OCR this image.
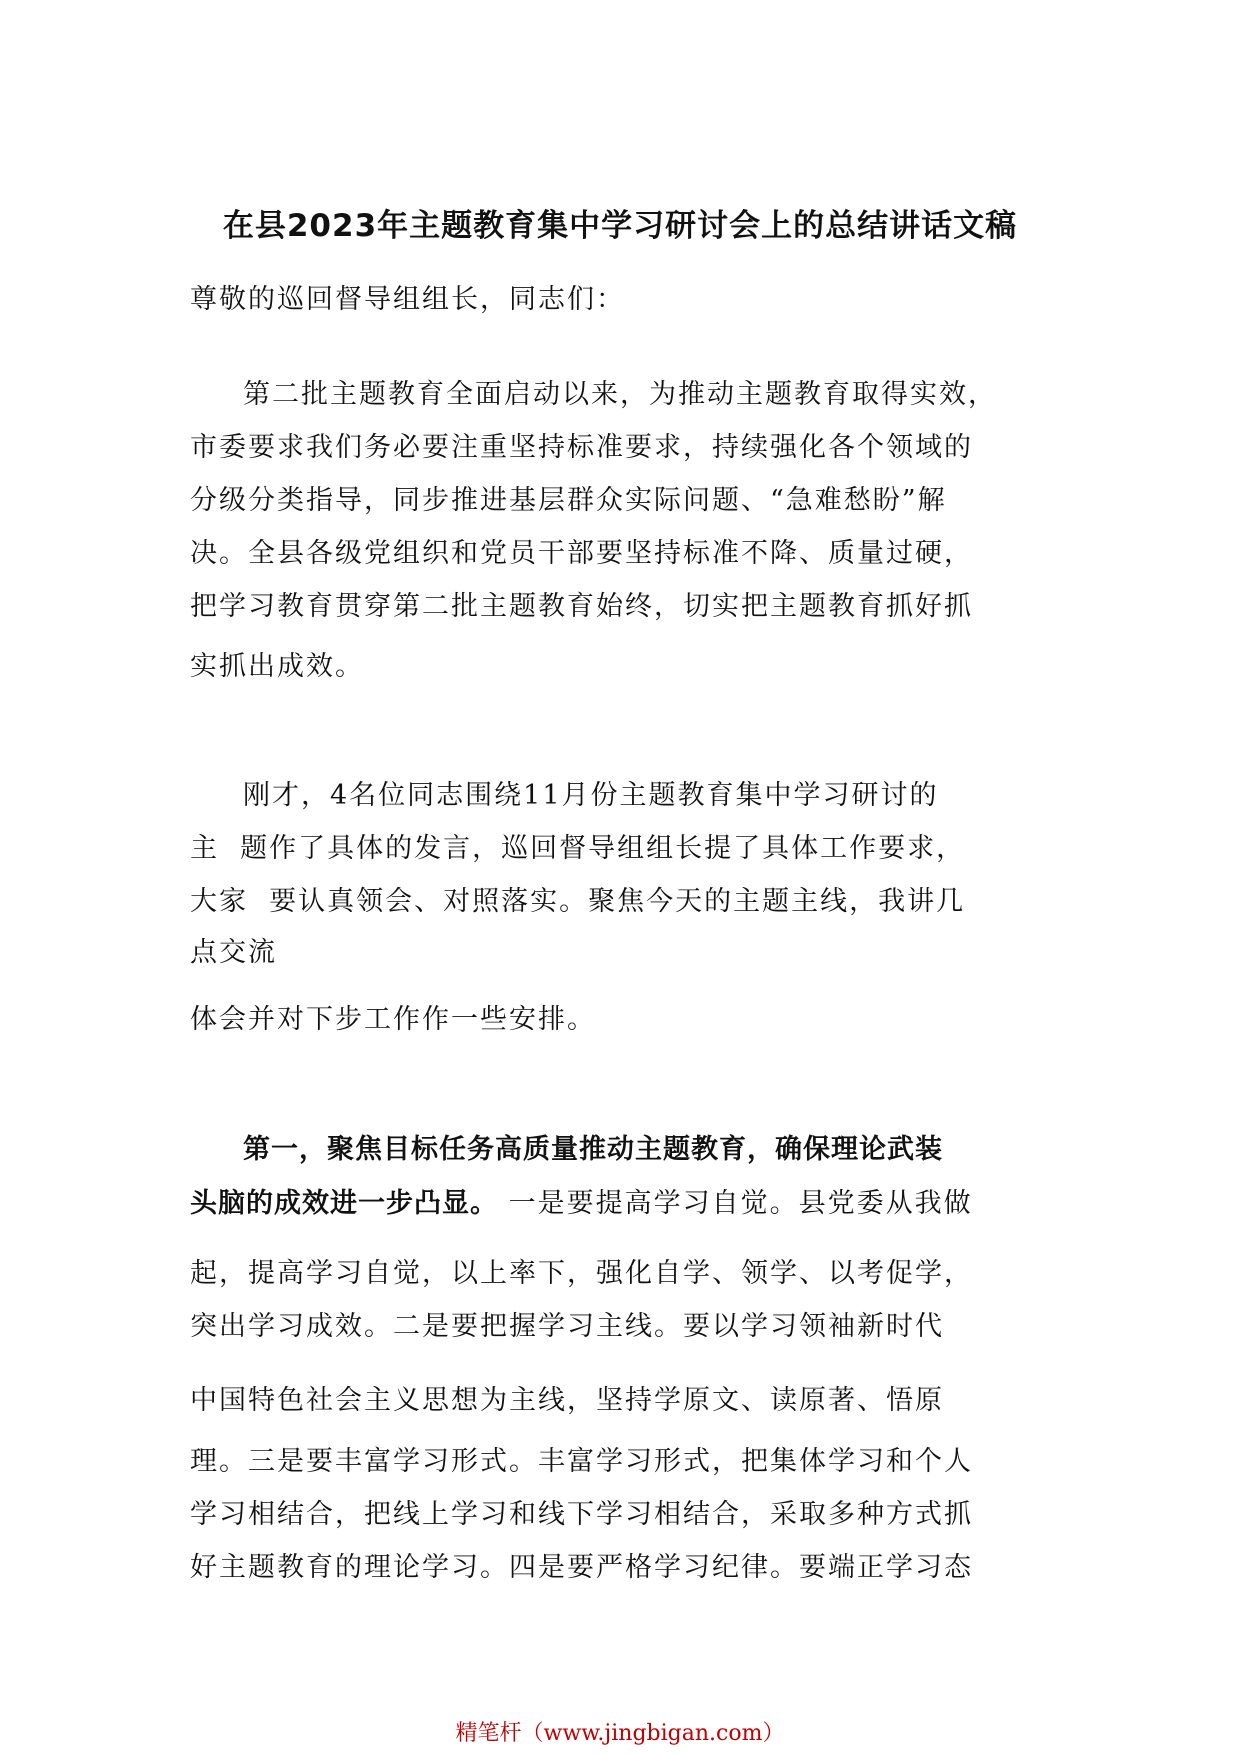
在县2023年主题教育集中学习研讨会上的总结讲话文稿
尊敬的巡回督导组组长，同志们：
第二批主题教育全面启动以来，为推动主题教育取得实效，
市委要求我们务必要注重坚持标准要求，持续强化各个领域的
分级分类指导，同步推进基层群众实际问题、“急难愁盼”解
决。全县各级党组织和党员干部要坚持标准不降、质量过硬，
把学习教育贯穿第二批主题教育始终，切实把主题教育抓好抓
实抓出成效。
刚才，4名位同志围绕11月份主题教育集中学习研讨的
主  题作了具体的发言，巡回督导组组长提了具体工作要求，
大家  要认真领会、对照落实。聚焦今天的主题主线，我讲几
点交流
体会并对下步工作作一些安排。
第一，聚焦目标任务高质量推动主题教育，确保理论武装
头脑的成效进一步凸显。 一是要提高学习自觉。县党委从我做
起，提高学习自觉，以上率下，强化自学、领学、以考促学，
突出学习成效。二是要把握学习主线。要以学习领袖新时代
中国特色社会主义思想为主线，坚持学原文、读原著、悟原
理。三是要丰富学习形式。丰富学习形式，把集体学习和个人
学习相结合，把线上学习和线下学习相结合，采取多种方式抓
好主题教育的理论学习。四是要严格学习纪律。要端正学习态
精笔杆（www.jingbigan.com）
